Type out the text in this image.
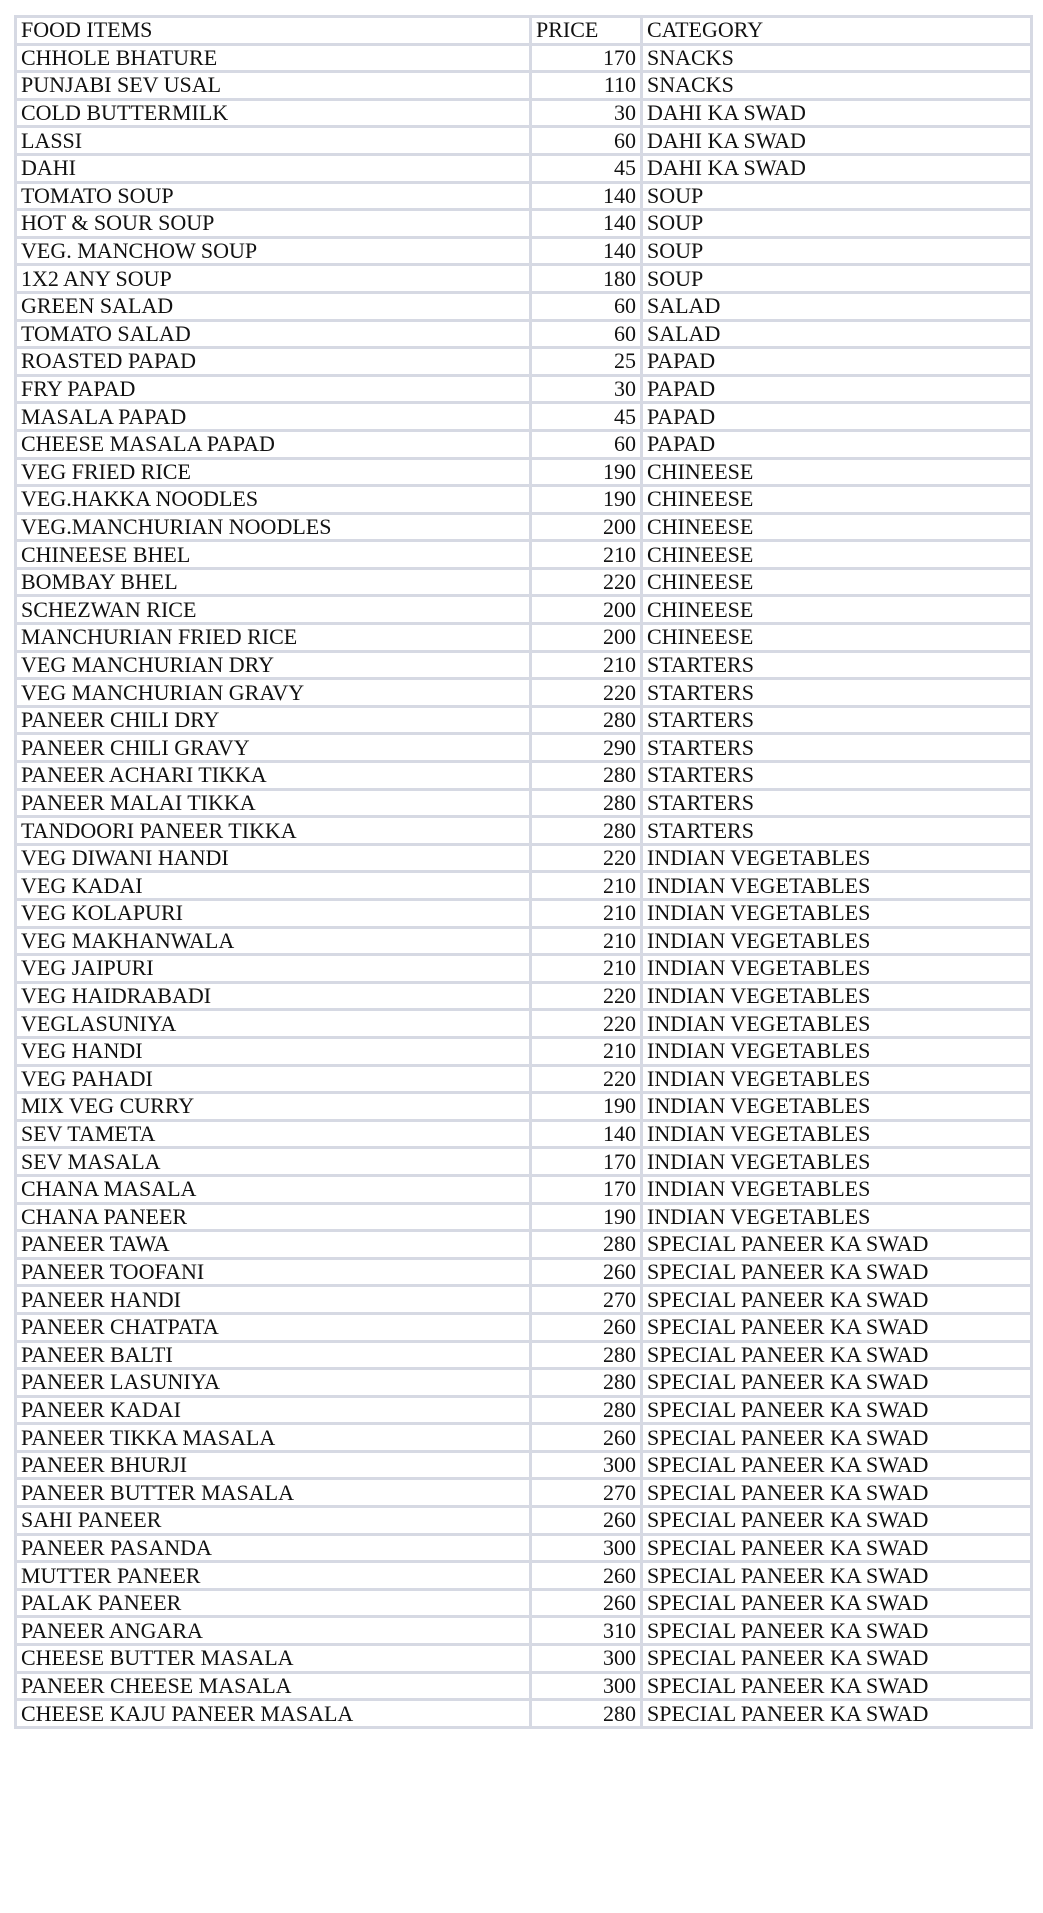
FOOD ITEMS	PRICE	CATEGORY
CHHOLE BHATURE	170	SNACKS
PUNJABI SEV USAL	110	SNACKS
COLD BUTTERMILK	30	DAHI KA SWAD
LASSI	60	DAHI KA SWAD
DAHI	45	DAHI KA SWAD
TOMATO SOUP	140	SOUP
HOT & SOUR SOUP	140	SOUP
VEG. MANCHOW SOUP	140	SOUP
1X2 ANY SOUP	180	SOUP
GREEN SALAD	60	SALAD
TOMATO SALAD	60	SALAD
ROASTED PAPAD	25	PAPAD
FRY PAPAD	30	PAPAD
MASALA PAPAD	45	PAPAD
CHEESE MASALA PAPAD	60	PAPAD
VEG FRIED RICE	190	CHINEESE
VEG.HAKKA NOODLES	190	CHINEESE
VEG.MANCHURIAN NOODLES	200	CHINEESE
CHINEESE BHEL	210	CHINEESE
BOMBAY BHEL	220	CHINEESE
SCHEZWAN RICE	200	CHINEESE
MANCHURIAN FRIED RICE	200	CHINEESE
VEG MANCHURIAN DRY	210	STARTERS
VEG MANCHURIAN GRAVY	220	STARTERS
PANEER CHILI DRY	280	STARTERS
PANEER CHILI GRAVY	290	STARTERS
PANEER ACHARI TIKKA	280	STARTERS
PANEER MALAI TIKKA	280	STARTERS
TANDOORI PANEER TIKKA	280	STARTERS
VEG DIWANI HANDI	220	INDIAN VEGETABLES
VEG KADAI	210	INDIAN VEGETABLES
VEG KOLAPURI	210	INDIAN VEGETABLES
VEG MAKHANWALA	210	INDIAN VEGETABLES
VEG JAIPURI	210	INDIAN VEGETABLES
VEG HAIDRABADI	220	INDIAN VEGETABLES
VEGLASUNIYA	220	INDIAN VEGETABLES
VEG HANDI	210	INDIAN VEGETABLES
VEG PAHADI	220	INDIAN VEGETABLES
MIX VEG CURRY	190	INDIAN VEGETABLES
SEV TAMETA	140	INDIAN VEGETABLES
SEV MASALA	170	INDIAN VEGETABLES
CHANA MASALA	170	INDIAN VEGETABLES
CHANA PANEER	190	INDIAN VEGETABLES
PANEER TAWA	280	SPECIAL PANEER KA SWAD
PANEER TOOFANI	260	SPECIAL PANEER KA SWAD
PANEER HANDI	270	SPECIAL PANEER KA SWAD
PANEER CHATPATA	260	SPECIAL PANEER KA SWAD
PANEER BALTI	280	SPECIAL PANEER KA SWAD
PANEER LASUNIYA	280	SPECIAL PANEER KA SWAD
PANEER KADAI	280	SPECIAL PANEER KA SWAD
PANEER TIKKA MASALA	260	SPECIAL PANEER KA SWAD
PANEER BHURJI	300	SPECIAL PANEER KA SWAD
PANEER BUTTER MASALA	270	SPECIAL PANEER KA SWAD
SAHI PANEER	260	SPECIAL PANEER KA SWAD
PANEER PASANDA	300	SPECIAL PANEER KA SWAD
MUTTER PANEER	260	SPECIAL PANEER KA SWAD
PALAK PANEER	260	SPECIAL PANEER KA SWAD
PANEER ANGARA	310	SPECIAL PANEER KA SWAD
CHEESE BUTTER MASALA	300	SPECIAL PANEER KA SWAD
PANEER CHEESE MASALA	300	SPECIAL PANEER KA SWAD
CHEESE KAJU PANEER MASALA	280	SPECIAL PANEER KA SWAD
